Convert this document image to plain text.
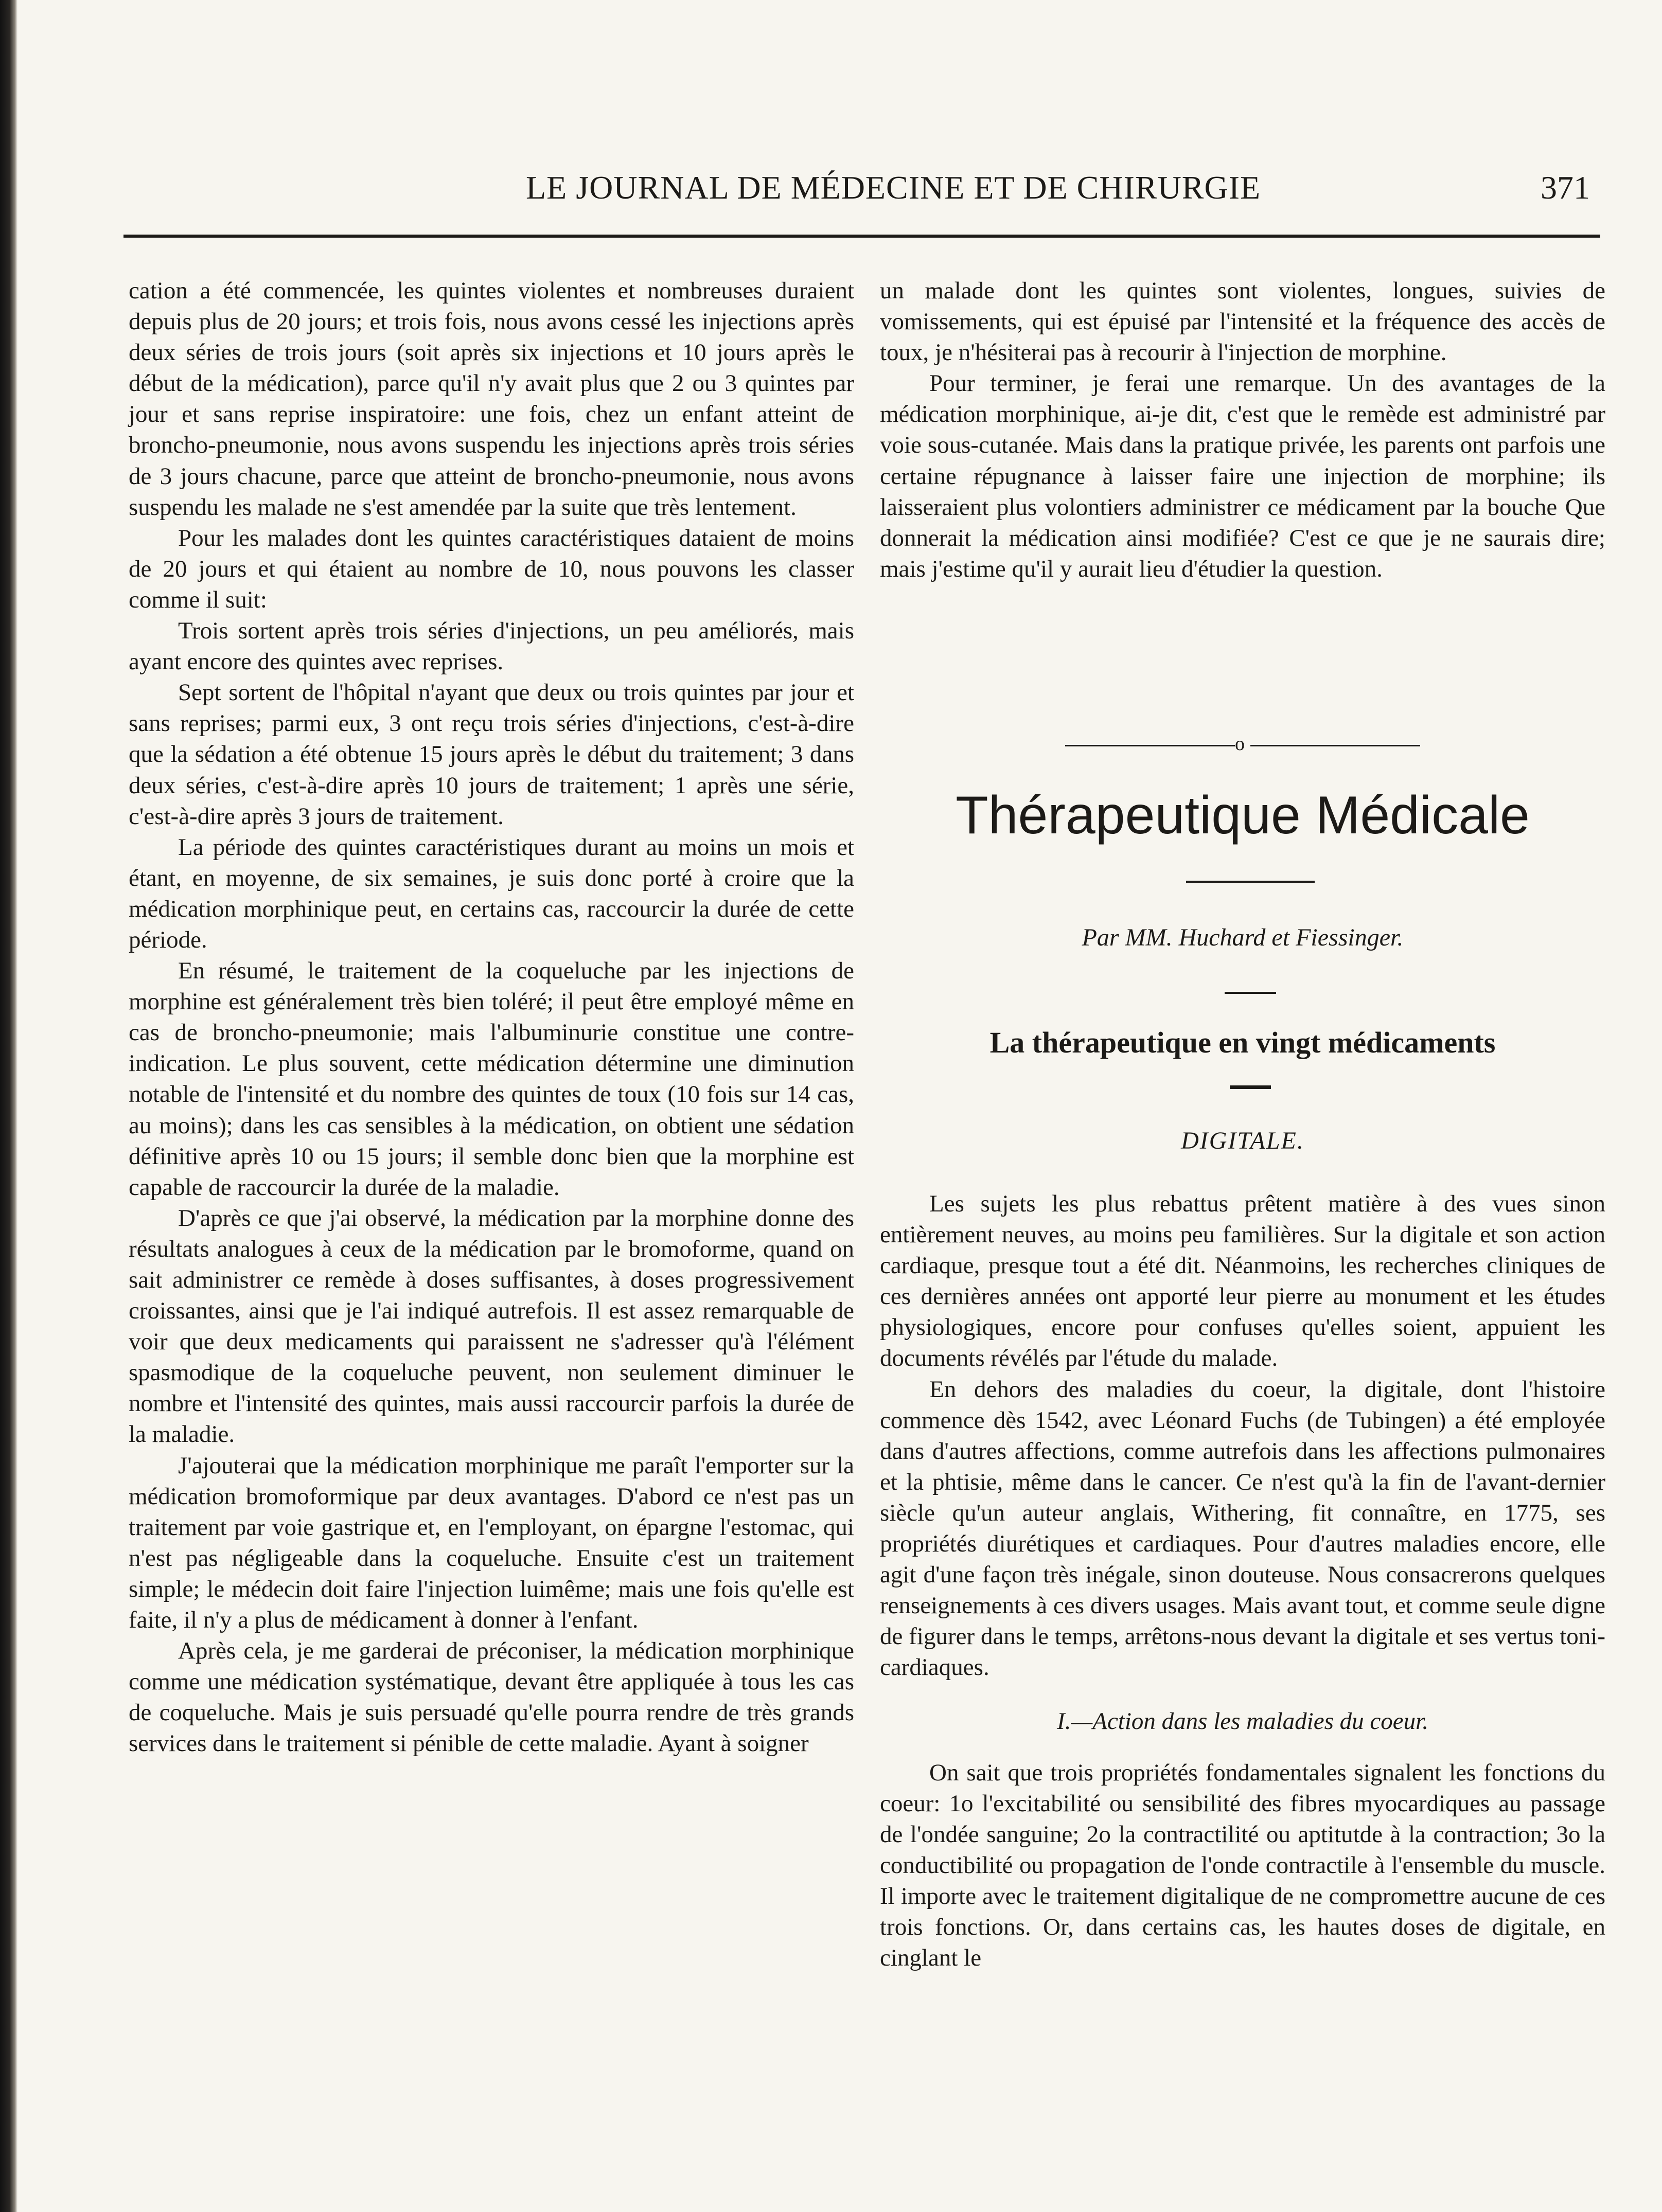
LE JOURNAL DE MÉDECINE ET DE CHIRURGIE	371

cation a été commencée, les quintes violentes et nombreuses duraient depuis plus de 20 jours; et trois fois, nous avons cessé les injections après deux séries de trois jours (soit après six injections et 10 jours après le début de la médication), parce qu'il n'y avait plus que 2 ou 3 quintes par jour et sans reprise inspiratoire: une fois, chez un enfant atteint de broncho-pneumonie, nous avons suspendu les injections après trois séries de 3 jours chacune, parce que atteint de broncho-pneumonie, nous avons suspendu les malade ne s'est amendée par la suite que très lentement.

Pour les malades dont les quintes caractéristiques dataient de moins de 20 jours et qui étaient au nombre de 10, nous pouvons les classer comme il suit:

Trois sortent après trois séries d'injections, un peu améliorés, mais ayant encore des quintes avec reprises.

Sept sortent de l'hôpital n'ayant que deux ou trois quintes par jour et sans reprises; parmi eux, 3 ont reçu trois séries d'injections, c'est-à-dire que la sédation a été obtenue 15 jours après le début du traitement; 3 dans deux séries, c'est-à-dire après 10 jours de traitement; 1 après une série, c'est-à-dire après 3 jours de traitement.

La période des quintes caractéristiques durant au moins un mois et étant, en moyenne, de six semaines, je suis donc porté à croire que la médication morphinique peut, en certains cas, raccourcir la durée de cette période.

En résumé, le traitement de la coqueluche par les injections de morphine est généralement très bien toléré; il peut être employé même en cas de broncho-pneumonie; mais l'albuminurie constitue une contre-indication. Le plus souvent, cette médication détermine une diminution notable de l'intensité et du nombre des quintes de toux (10 fois sur 14 cas, au moins); dans les cas sensibles à la médication, on obtient une sédation définitive après 10 ou 15 jours; il semble donc bien que la morphine est capable de raccourcir la durée de la maladie.

D'après ce que j'ai observé, la médication par la morphine donne des résultats analogues à ceux de la médication par le bromoforme, quand on sait administrer ce remède à doses suffisantes, à doses progressivement croissantes, ainsi que je l'ai indiqué autrefois. Il est assez remarquable de voir que deux medicaments qui paraissent ne s'adresser qu'à l'élément spasmodique de la coqueluche peuvent, non seulement diminuer le nombre et l'intensité des quintes, mais aussi raccourcir parfois la durée de la maladie.

J'ajouterai que la médication morphinique me paraît l'emporter sur la médication bromoformique par deux avantages. D'abord ce n'est pas un traitement par voie gastrique et, en l'employant, on épargne l'estomac, qui n'est pas négligeable dans la coqueluche. Ensuite c'est un traitement simple; le médecin doit faire l'injection luimême; mais une fois qu'elle est faite, il n'y a plus de médicament à donner à l'enfant.

Après cela, je me garderai de préconiser, la médication morphinique comme une médication systématique, devant être appliquée à tous les cas de coqueluche. Mais je suis persuadé qu'elle pourra rendre de très grands services dans le traitement si pénible de cette maladie. Ayant à soigner

un malade dont les quintes sont violentes, longues, suivies de vomissements, qui est épuisé par l'intensité et la fréquence des accès de toux, je n'hésiterai pas à recourir à l'injection de morphine.

Pour terminer, je ferai une remarque. Un des avantages de la médication morphinique, ai-je dit, c'est que le remède est administré par voie sous-cutanée. Mais dans la pratique privée, les parents ont parfois une certaine répugnance à laisser faire une injection de morphine; ils laisseraient plus volontiers administrer ce médicament par la bouche Que donnerait la médication ainsi modifiée? C'est ce que je ne saurais dire; mais j'estime qu'il y aurait lieu d'étudier la question.

o
Thérapeutique Médicale
Par MM. Huchard et Fiessinger.
La thérapeutique en vingt médicaments
DIGITALE.

Les sujets les plus rebattus prêtent matière à des vues sinon entièrement neuves, au moins peu familières. Sur la digitale et son action cardiaque, presque tout a été dit. Néanmoins, les recherches cliniques de ces dernières années ont apporté leur pierre au monument et les études physiologiques, encore pour confuses qu'elles soient, appuient les documents révélés par l'étude du malade.

En dehors des maladies du coeur, la digitale, dont l'histoire commence dès 1542, avec Léonard Fuchs (de Tubingen) a été employée dans d'autres affections, comme autrefois dans les affections pulmonaires et la phtisie, même dans le cancer. Ce n'est qu'à la fin de l'avant-dernier siècle qu'un auteur anglais, Withering, fit connaître, en 1775, ses propriétés diurétiques et cardiaques. Pour d'autres maladies encore, elle agit d'une façon très inégale, sinon douteuse. Nous consacrerons quelques renseignements à ces divers usages. Mais avant tout, et comme seule digne de figurer dans le temps, arrêtons-nous devant la digitale et ses vertus toni-cardiaques.

I.—Action dans les maladies du coeur.

On sait que trois propriétés fondamentales signalent les fonctions du coeur: 1o l'excitabilité ou sensibilité des fibres myocardiques au passage de l'ondée sanguine; 2o la contractilité ou aptitutde à la contraction; 3o la conductibilité ou propagation de l'onde contractile à l'ensemble du muscle. Il importe avec le traitement digitalique de ne compromettre aucune de ces trois fonctions. Or, dans certains cas, les hautes doses de digitale, en cinglant le
